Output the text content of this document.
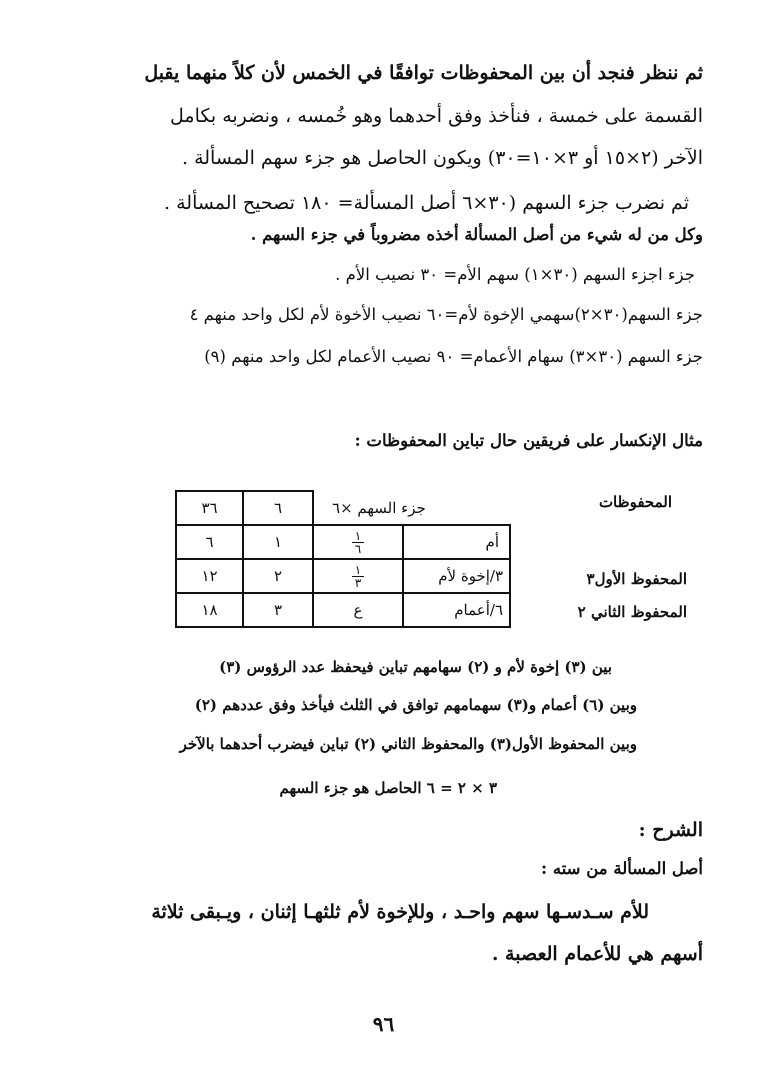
ثم ننظر فنجد أن بين المحفوظات توافقًا في الخمس لأن كلاً منهما يقبل
القسمة على خمسة ، فنأخذ وفق أحدهما وهو خُمسه ، ونضربه بكامل
الآخر (٢×١٥ أو ٣×١٠=٣٠) ويكون الحاصل هو جزء سهم المسألة .
ثم نضرب جزء السهم (٣٠×٦ أصل المسألة= ١٨٠ تصحيح المسألة .
وكل من له شيء من أصل المسألة أخذه مضروباً في جزء السهم .
جزء اجزء السهم (٣٠×١) سهم الأم= ٣٠ نصيب الأم .
جزء السهم(٣٠×٢)سهمي الإخوة لأم=٦٠ نصيب الأخوة لأم لكل واحد منهم ٤
جزء السهم (٣٠×٣) سهام الأعمام= ٩٠ نصيب الأعمام لكل واحد منهم (٩)
مثال الإنكسار على فريقين حال تباين المحفوظات :
المحفوظات
المحفوظ الأول٣
المحفوظ الثاني ٢
٣٦	٦	جزء السهم ×٦	
٦	١	$\frac{١}{٦}$	أم
١٢	٢	$\frac{١}{٣}$	٣/إخوة لأم
١٨	٣	ع	٦/أعمام
بين (٣) إخوة لأم و (٢) سهامهم تباين فيحفظ عدد الرؤوس (٣)
وبين (٦) أعمام و(٣) سهمامهم توافق في الثلث فيأخذ وفق عددهم (٢)
وبين المحفوظ الأول(٣) والمحفوظ الثاني (٢) تباين فيضرب أحدهما بالآخر
٣ × ٢ = ٦ الحاصل هو جزء السهم
الشرح :
أصل المسألة من سته :
للأم سـدسـها سهم واحـد ، وللإخوة لأم ثلثهـا إثنان ، ويـبقى ثلاثة
أسهم هي للأعمام العصبة .
٩٦
